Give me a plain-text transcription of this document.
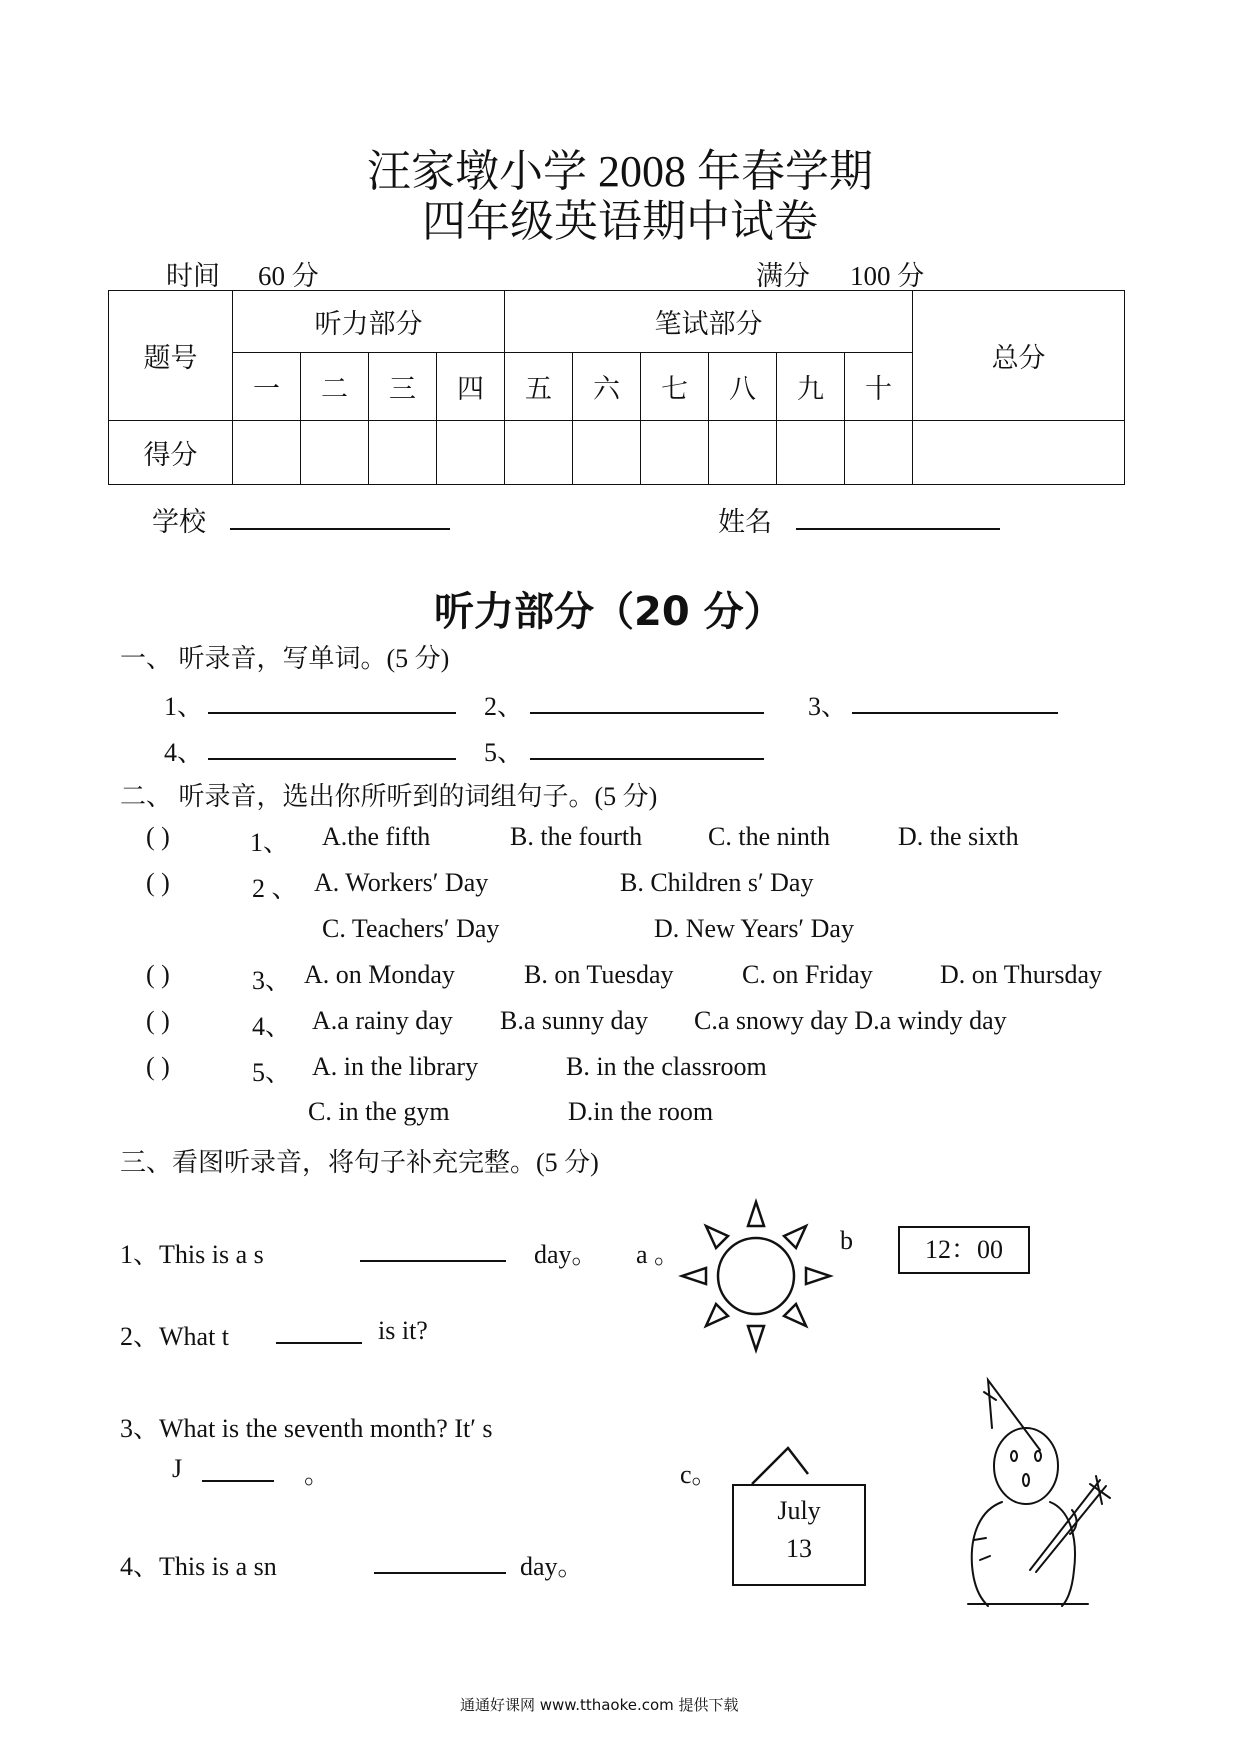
汪家墩小学 2008 年春学期
四年级英语期中试卷
时间 60 分	满分 100 分
题号	听力部分				笔试部分						总分
	一	二	三	四	五	六	七	八	九	十	
得分											
学校	姓名
听力部分（20 分）
一、 听录音，写单词。(5 分)
1、	2、	3、
4、	5、
二、 听录音，选出你所听到的词组句子。(5 分)
( )	1、 A.the fifth	B. the fourth	C. the ninth	D. the sixth
( )	2 、 A. Workers′ Day	B. Children s′ Day
C. Teachers′ Day	D. New Years′ Day
( )	3、 A. on Monday	B. on Tuesday	C. on Friday	D. on Thursday
( )	4、 A.a rainy day B.a sunny day C.a snowy day D.a windy day
( )	5、 A. in the library	B. in the classroom
C. in the gym	D.in the room
三、看图听录音，将句子补充完整。(5 分)
1、This is a s	day。 a 。	b	12：00
2、What t	is it?
3、What is the seventh month? It′ s
J	。	c。
July
13
4、This is a sn	day。
通通好课网 www.tthaoke.com 提供下载
